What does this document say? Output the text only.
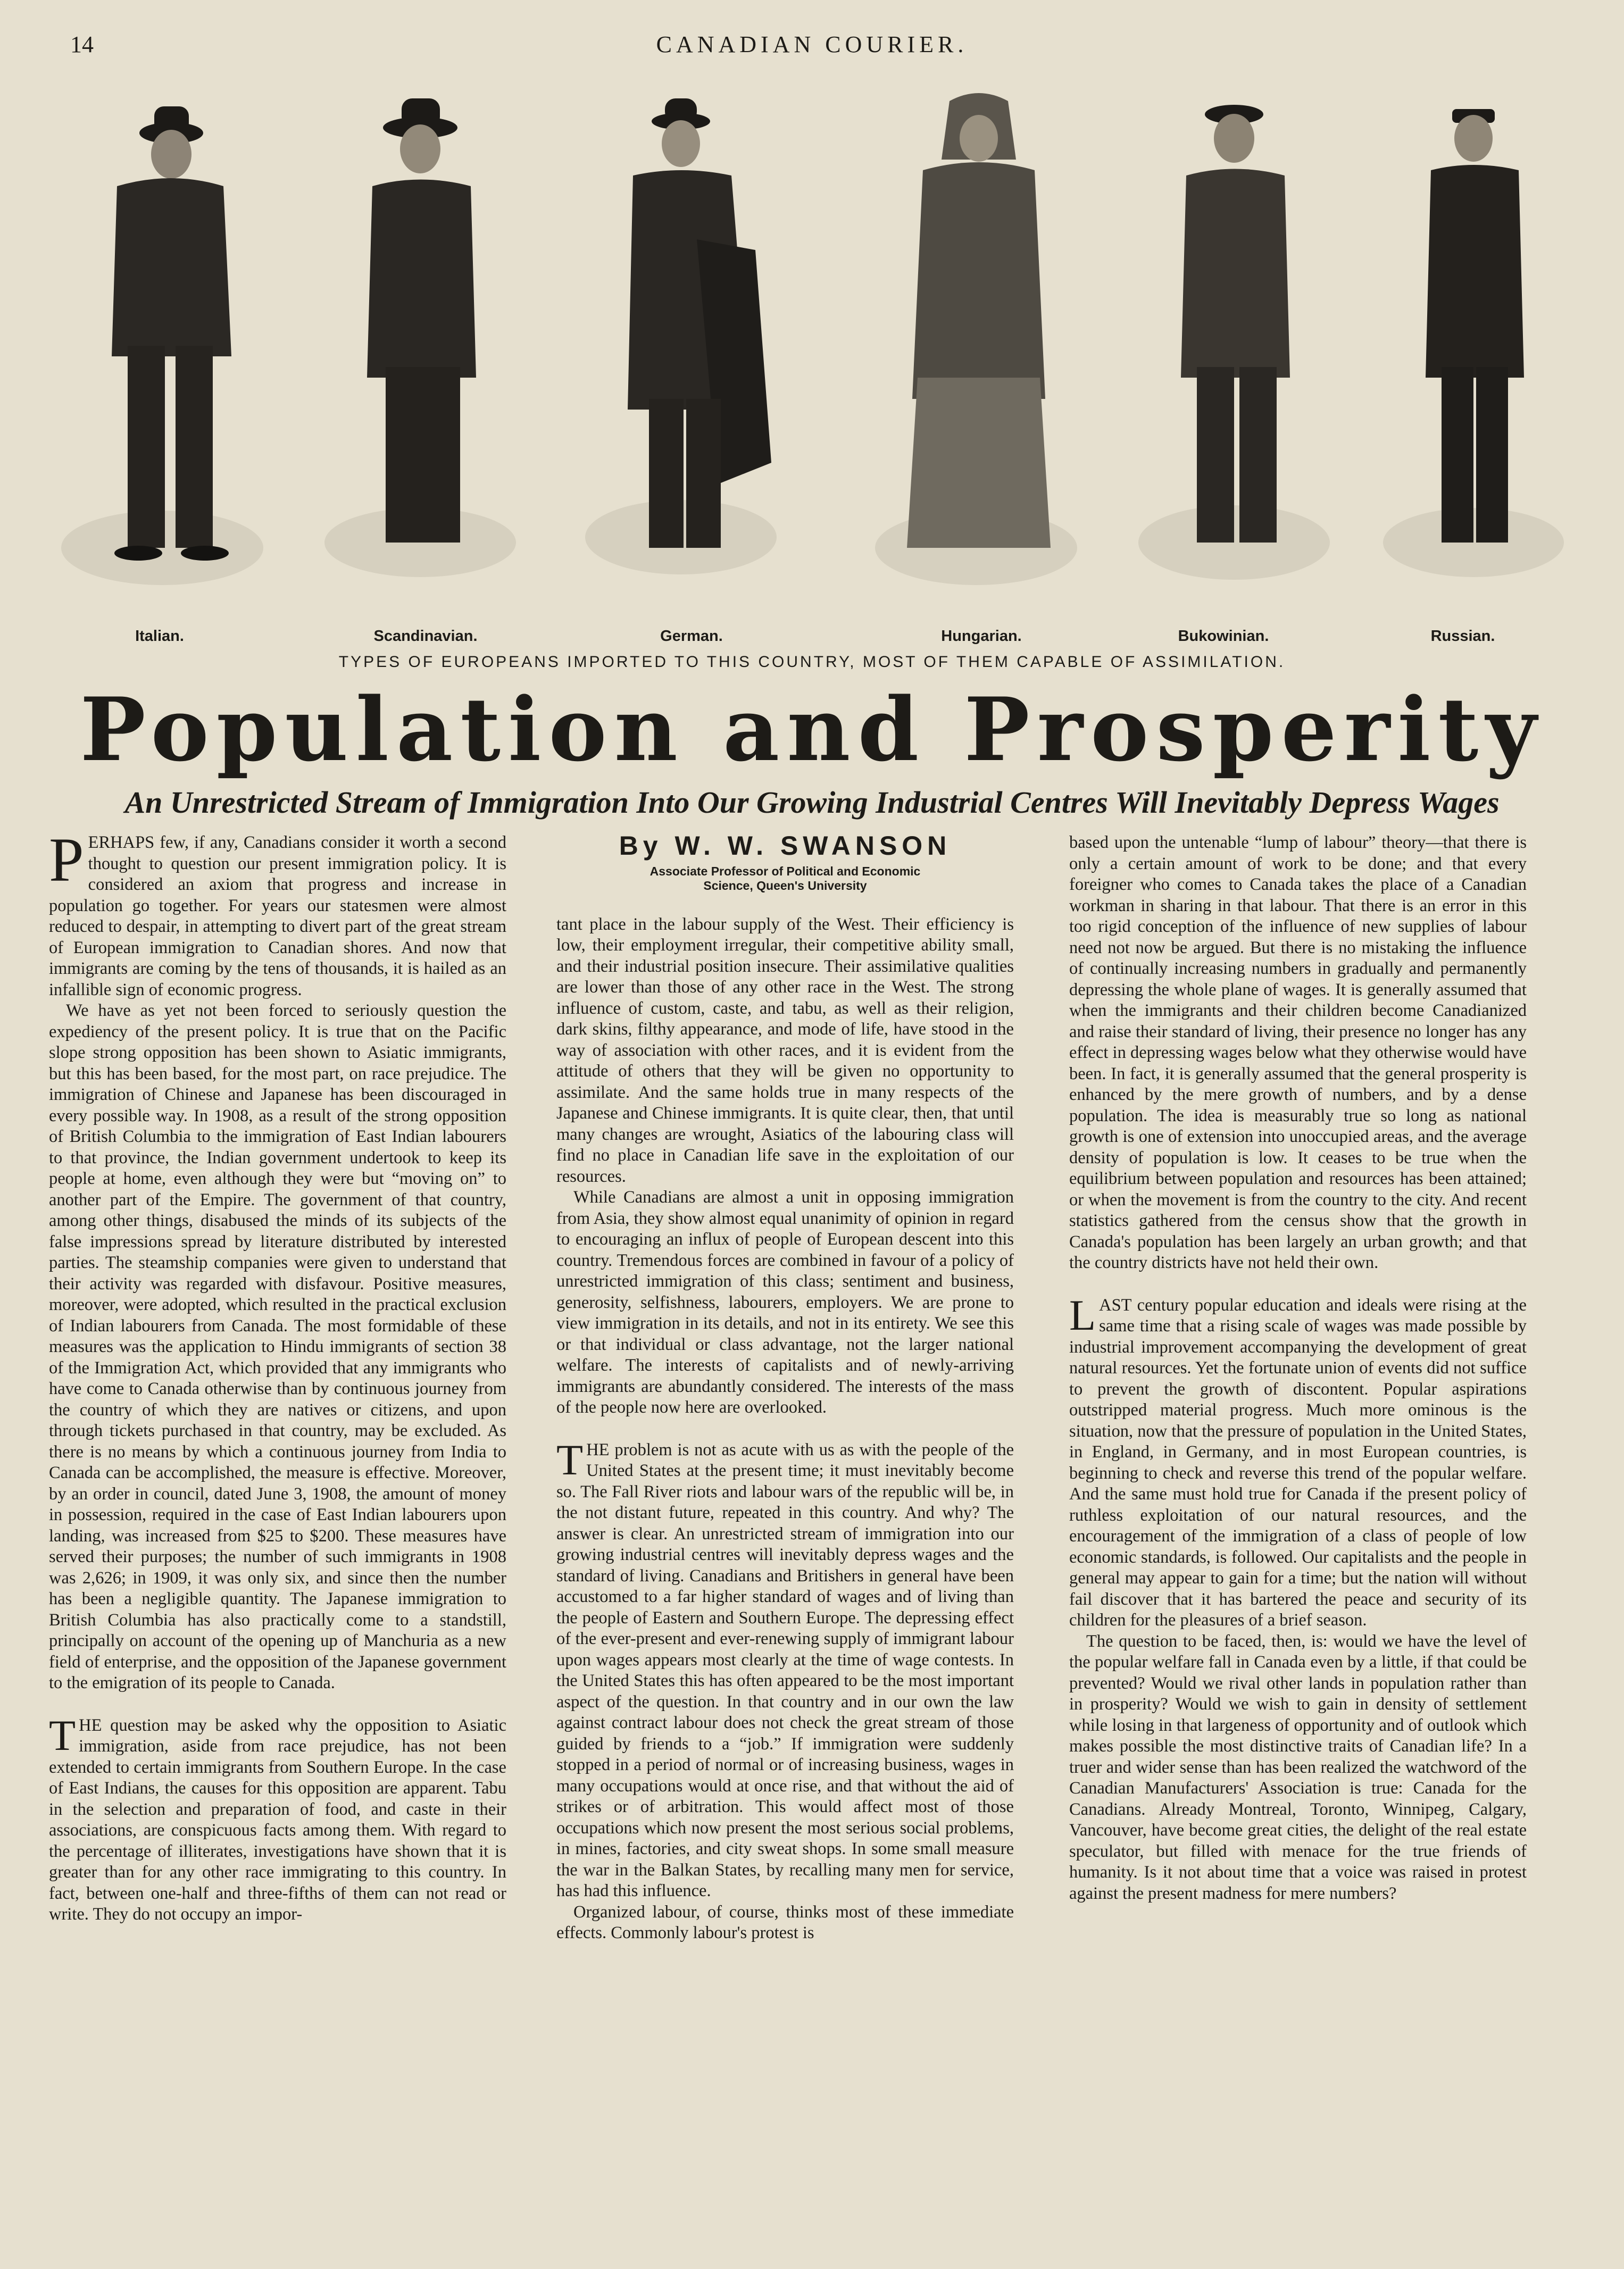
14	CANADIAN COURIER.
Italian.	Scandinavian.	German.	Hungarian.	Bukowinian.	Russian.
TYPES OF EUROPEANS IMPORTED TO THIS COUNTRY, MOST OF THEM CAPABLE OF ASSIMILATION.
Population and Prosperity
An Unrestricted Stream of Immigration Into Our Growing Industrial Centres Will Inevitably Depress Wages

PERHAPS few, if any, Canadians consider it worth a second thought to question our present immigration policy. It is considered an axiom that progress and increase in population go together. For years our statesmen were almost reduced to despair, in attempting to divert part of the great stream of European immigration to Canadian shores. And now that immigrants are coming by the tens of thousands, it is hailed as an infallible sign of economic progress.

We have as yet not been forced to seriously question the expediency of the present policy. It is true that on the Pacific slope strong opposition has been shown to Asiatic immigrants, but this has been based, for the most part, on race prejudice. The immigration of Chinese and Japanese has been discouraged in every possible way. In 1908, as a result of the strong opposition of British Columbia to the immigration of East Indian labourers to that province, the Indian government undertook to keep its people at home, even although they were but “moving on” to another part of the Empire. The government of that country, among other things, disabused the minds of its subjects of the false impressions spread by literature distributed by interested parties. The steamship companies were given to understand that their activity was regarded with disfavour. Positive measures, moreover, were adopted, which resulted in the practical exclusion of Indian labourers from Canada. The most formidable of these measures was the application to Hindu immigrants of section 38 of the Immigration Act, which provided that any immigrants who have come to Canada otherwise than by continuous journey from the country of which they are natives or citizens, and upon through tickets purchased in that country, may be excluded. As there is no means by which a continuous journey from India to Canada can be accomplished, the measure is effective. Moreover, by an order in council, dated June 3, 1908, the amount of money in possession, required in the case of East Indian labourers upon landing, was increased from $25 to $200. These measures have served their purposes; the number of such immigrants in 1908 was 2,626; in 1909, it was only six, and since then the number has been a negligible quantity. The Japanese immigration to British Columbia has also practically come to a standstill, principally on account of the opening up of Manchuria as a new field of enterprise, and the opposition of the Japanese government to the emigration of its people to Canada.

THE question may be asked why the opposition to Asiatic immigration, aside from race prejudice, has not been extended to certain immigrants from Southern Europe. In the case of East Indians, the causes for this opposition are apparent. Tabu in the selection and preparation of food, and caste in their associations, are conspicuous facts among them. With regard to the percentage of illiterates, investigations have shown that it is greater than for any other race immigrating to this country. In fact, between one-half and three-fifths of them can not read or write. They do not occupy an impor-

By W. W. SWANSON
Associate Professor of Political and Economic
Science, Queen's University

tant place in the labour supply of the West. Their efficiency is low, their employment irregular, their competitive ability small, and their industrial position insecure. Their assimilative qualities are lower than those of any other race in the West. The strong influence of custom, caste, and tabu, as well as their religion, dark skins, filthy appearance, and mode of life, have stood in the way of association with other races, and it is evident from the attitude of others that they will be given no opportunity to assimilate. And the same holds true in many respects of the Japanese and Chinese immigrants. It is quite clear, then, that until many changes are wrought, Asiatics of the labouring class will find no place in Canadian life save in the exploitation of our resources.

While Canadians are almost a unit in opposing immigration from Asia, they show almost equal unanimity of opinion in regard to encouraging an influx of people of European descent into this country. Tremendous forces are combined in favour of a policy of unrestricted immigration of this class; sentiment and business, generosity, selfishness, labourers, employers. We are prone to view immigration in its details, and not in its entirety. We see this or that individual or class advantage, not the larger national welfare. The interests of capitalists and of newly-arriving immigrants are abundantly considered. The interests of the mass of the people now here are overlooked.

THE problem is not as acute with us as with the people of the United States at the present time; it must inevitably become so. The Fall River riots and labour wars of the republic will be, in the not distant future, repeated in this country. And why? The answer is clear. An unrestricted stream of immigration into our growing industrial centres will inevitably depress wages and the standard of living. Canadians and Britishers in general have been accustomed to a far higher standard of wages and of living than the people of Eastern and Southern Europe. The depressing effect of the ever-present and ever-renewing supply of immigrant labour upon wages appears most clearly at the time of wage contests. In the United States this has often appeared to be the most important aspect of the question. In that country and in our own the law against contract labour does not check the great stream of those guided by friends to a “job.” If immigration were suddenly stopped in a period of normal or of increasing business, wages in many occupations would at once rise, and that without the aid of strikes or of arbitration. This would affect most of those occupations which now present the most serious social problems, in mines, factories, and city sweat shops. In some small measure the war in the Balkan States, by recalling many men for service, has had this influence.

Organized labour, of course, thinks most of these immediate effects. Commonly labour's protest is

based upon the untenable “lump of labour” theory—that there is only a certain amount of work to be done; and that every foreigner who comes to Canada takes the place of a Canadian workman in sharing in that labour. That there is an error in this too rigid conception of the influence of new supplies of labour need not now be argued. But there is no mistaking the influence of continually increasing numbers in gradually and permanently depressing the whole plane of wages. It is generally assumed that when the immigrants and their children become Canadianized and raise their standard of living, their presence no longer has any effect in depressing wages below what they otherwise would have been. In fact, it is generally assumed that the general prosperity is enhanced by the mere growth of numbers, and by a dense population. The idea is measurably true so long as national growth is one of extension into unoccupied areas, and the average density of population is low. It ceases to be true when the equilibrium between population and resources has been attained; or when the movement is from the country to the city. And recent statistics gathered from the census show that the growth in Canada's population has been largely an urban growth; and that the country districts have not held their own.

LAST century popular education and ideals were rising at the same time that a rising scale of wages was made possible by industrial improvement accompanying the development of great natural resources. Yet the fortunate union of events did not suffice to prevent the growth of discontent. Popular aspirations outstripped material progress. Much more ominous is the situation, now that the pressure of population in the United States, in England, in Germany, and in most European countries, is beginning to check and reverse this trend of the popular welfare. And the same must hold true for Canada if the present policy of ruthless exploitation of our natural resources, and the encouragement of the immigration of a class of people of low economic standards, is followed. Our capitalists and the people in general may appear to gain for a time; but the nation will without fail discover that it has bartered the peace and security of its children for the pleasures of a brief season.

The question to be faced, then, is: would we have the level of the popular welfare fall in Canada even by a little, if that could be prevented? Would we rival other lands in population rather than in prosperity? Would we wish to gain in density of settlement while losing in that largeness of opportunity and of outlook which makes possible the most distinctive traits of Canadian life? In a truer and wider sense than has been realized the watchword of the Canadian Manufacturers' Association is true: Canada for the Canadians. Already Montreal, Toronto, Winnipeg, Calgary, Vancouver, have become great cities, the delight of the real estate speculator, but filled with menace for the true friends of humanity. Is it not about time that a voice was raised in protest against the present madness for mere numbers?
